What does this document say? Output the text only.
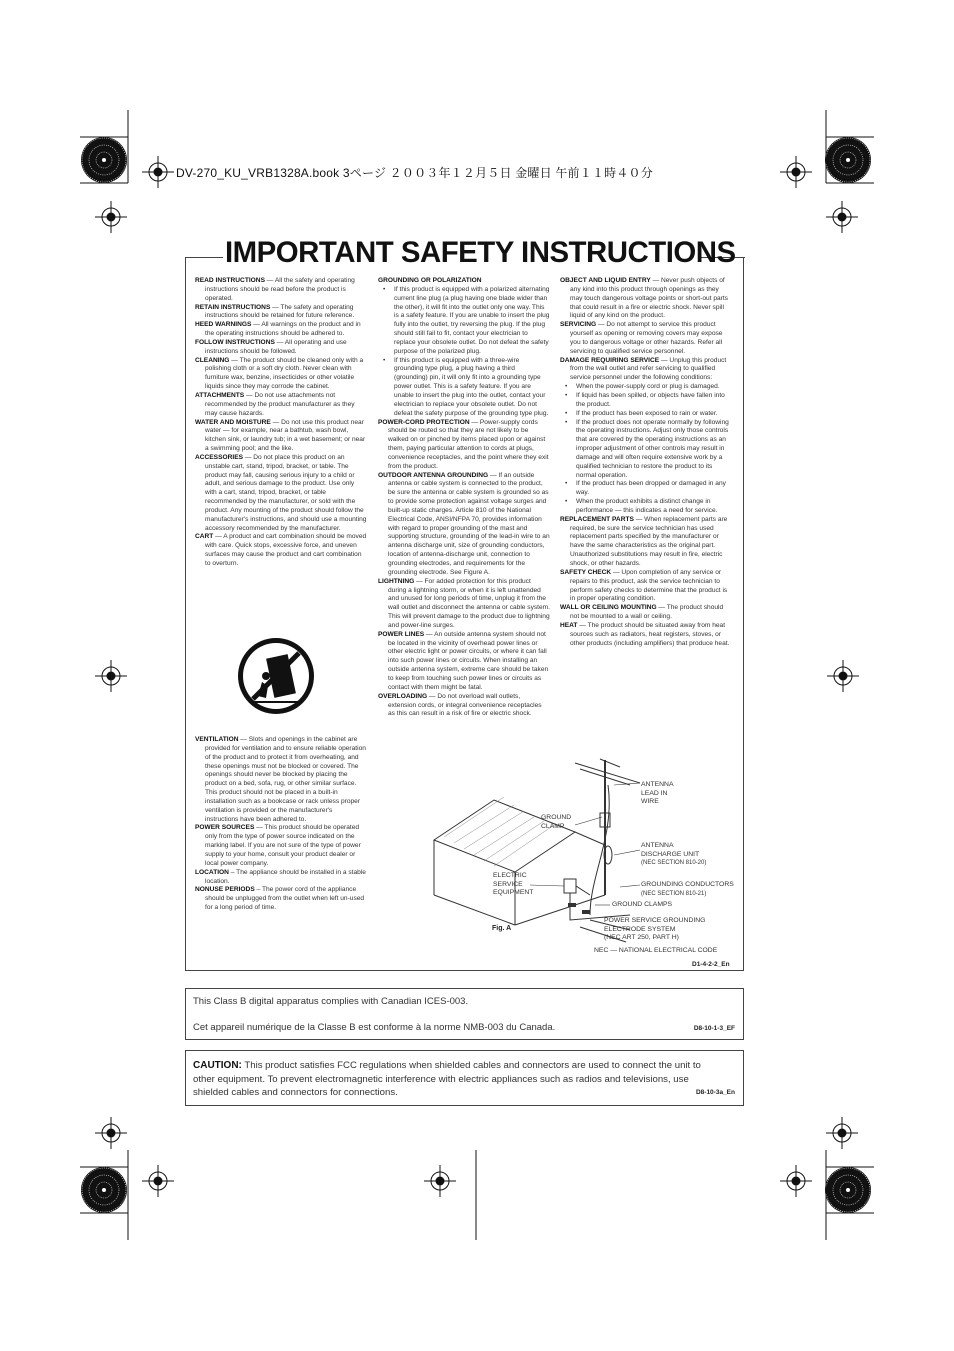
DV-270_KU_VRB1328A.book 3ページ ２００３年１２月５日 金曜日 午前１１時４０分
IMPORTANT SAFETY INSTRUCTIONS

READ INSTRUCTIONS — All the safety and operating instructions should be read before the product is operated.

RETAIN INSTRUCTIONS — The safety and operating instructions should be retained for future reference.

HEED WARNINGS — All warnings on the product and in the operating instructions should be adhered to.

FOLLOW INSTRUCTIONS — All operating and use instructions should be followed.

CLEANING — The product should be cleaned only with a polishing cloth or a soft dry cloth. Never clean with furniture wax, benzine, insecticides or other volatile liquids since they may corrode the cabinet.

ATTACHMENTS — Do not use attachments not recommended by the product manufacturer as they may cause hazards.

WATER AND MOISTURE — Do not use this product near water — for example, near a bathtub, wash bowl, kitchen sink, or laundry tub; in a wet basement; or near a swimming pool; and the like.

ACCESSORIES — Do not place this product on an unstable cart, stand, tripod, bracket, or table. The product may fall, causing serious injury to a child or adult, and serious damage to the product. Use only with a cart, stand, tripod, bracket, or table recommended by the manufacturer, or sold with the product. Any mounting of the product should follow the manufacturer's instructions, and should use a mounting accessory recommended by the manufacturer.

CART — A product and cart combination should be moved with care. Quick stops, excessive force, and uneven surfaces may cause the product and cart combination to overturn.

VENTILATION — Slots and openings in the cabinet are provided for ventilation and to ensure reliable operation of the product and to protect it from overheating, and these openings must not be blocked or covered. The openings should never be blocked by placing the product on a bed, sofa, rug, or other similar surface. This product should not be placed in a built-in installation such as a bookcase or rack unless proper ventilation is provided or the manufacturer's instructions have been adhered to.

POWER SOURCES — This product should be operated only from the type of power source indicated on the marking label. If you are not sure of the type of power supply to your home, consult your product dealer or local power company.

LOCATION – The appliance should be installed in a stable location.

NONUSE PERIODS – The power cord of the appliance should be unplugged from the outlet when left un-used for a long period of time.

GROUNDING OR POLARIZATION

• If this product is equipped with a polarized alternating current line plug (a plug having one blade wider than the other), it will fit into the outlet only one way. This is a safety feature. If you are unable to insert the plug fully into the outlet, try reversing the plug. If the plug should still fail to fit, contact your electrician to replace your obsolete outlet. Do not defeat the safety purpose of the polarized plug.

• If this product is equipped with a three-wire grounding type plug, a plug having a third (grounding) pin, it will only fit into a grounding type power outlet. This is a safety feature. If you are unable to insert the plug into the outlet, contact your electrician to replace your obsolete outlet. Do not defeat the safety purpose of the grounding type plug.

POWER-CORD PROTECTION — Power-supply cords should be routed so that they are not likely to be walked on or pinched by items placed upon or against them, paying particular attention to cords at plugs, convenience receptacles, and the point where they exit from the product.

OUTDOOR ANTENNA GROUNDING — If an outside antenna or cable system is connected to the product, be sure the antenna or cable system is grounded so as to provide some protection against voltage surges and built-up static charges. Article 810 of the National Electrical Code, ANSI/NFPA 70, provides information with regard to proper grounding of the mast and supporting structure, grounding of the lead-in wire to an antenna discharge unit, size of grounding conductors, location of antenna-discharge unit, connection to grounding electrodes, and requirements for the grounding electrode. See Figure A.

LIGHTNING — For added protection for this product during a lightning storm, or when it is left unattended and unused for long periods of time, unplug it from the wall outlet and disconnect the antenna or cable system. This will prevent damage to the product due to lightning and power-line surges.

POWER LINES — An outside antenna system should not be located in the vicinity of overhead power lines or other electric light or power circuits, or where it can fall into such power lines or circuits. When installing an outside antenna system, extreme care should be taken to keep from touching such power lines or circuits as contact with them might be fatal.

OVERLOADING — Do not overload wall outlets, extension cords, or integral convenience receptacles as this can result in a risk of fire or electric shock.

OBJECT AND LIQUID ENTRY — Never push objects of any kind into this product through openings as they may touch dangerous voltage points or short-out parts that could result in a fire or electric shock. Never spill liquid of any kind on the product.

SERVICING — Do not attempt to service this product yourself as opening or removing covers may expose you to dangerous voltage or other hazards. Refer all servicing to qualified service personnel.

DAMAGE REQUIRING SERVICE — Unplug this product from the wall outlet and refer servicing to qualified service personnel under the following conditions:

• When the power-supply cord or plug is damaged.

• If liquid has been spilled, or objects have fallen into the product.

• If the product has been exposed to rain or water.

• If the product does not operate normally by following the operating instructions. Adjust only those controls that are covered by the operating instructions as an improper adjustment of other controls may result in damage and will often require extensive work by a qualified technician to restore the product to its normal operation.

• If the product has been dropped or damaged in any way.

• When the product exhibits a distinct change in performance — this indicates a need for service.

REPLACEMENT PARTS — When replacement parts are required, be sure the service technician has used replacement parts specified by the manufacturer or have the same characteristics as the original part. Unauthorized substitutions may result in fire, electric shock, or other hazards.

SAFETY CHECK — Upon completion of any service or repairs to this product, ask the service technician to perform safety checks to determine that the product is in proper operating condition.

WALL OR CEILING MOUNTING — The product should not be mounted to a wall or ceiling.

HEAT — The product should be situated away from heat sources such as radiators, heat registers, stoves, or other products (including amplifiers) that produce heat.

ANTENNA
LEAD IN
WIRE
GROUND
CLAMP
ANTENNA
DISCHARGE UNIT
(NEC SECTION 810-20)
ELECTRIC
SERVICE
EQUIPMENT
GROUNDING CONDUCTORS
(NEC SECTION 810-21)
GROUND CLAMPS
POWER SERVICE GROUNDING
ELECTRODE SYSTEM
(NEC ART 250, PART H)
NEC — NATIONAL ELECTRICAL CODE
Fig. A
D1-4-2-2_En
This Class B digital apparatus complies with Canadian ICES-003.
Cet appareil numérique de la Classe B est conforme à la norme NMB-003 du Canada.	D8-10-1-3_EF
CAUTION: This product satisfies FCC regulations when shielded cables and connectors are used to connect the unit to other equipment. To prevent electromagnetic interference with electric appliances such as radios and televisions, use shielded cables and connectors for connections.	D8-10-3a_En
